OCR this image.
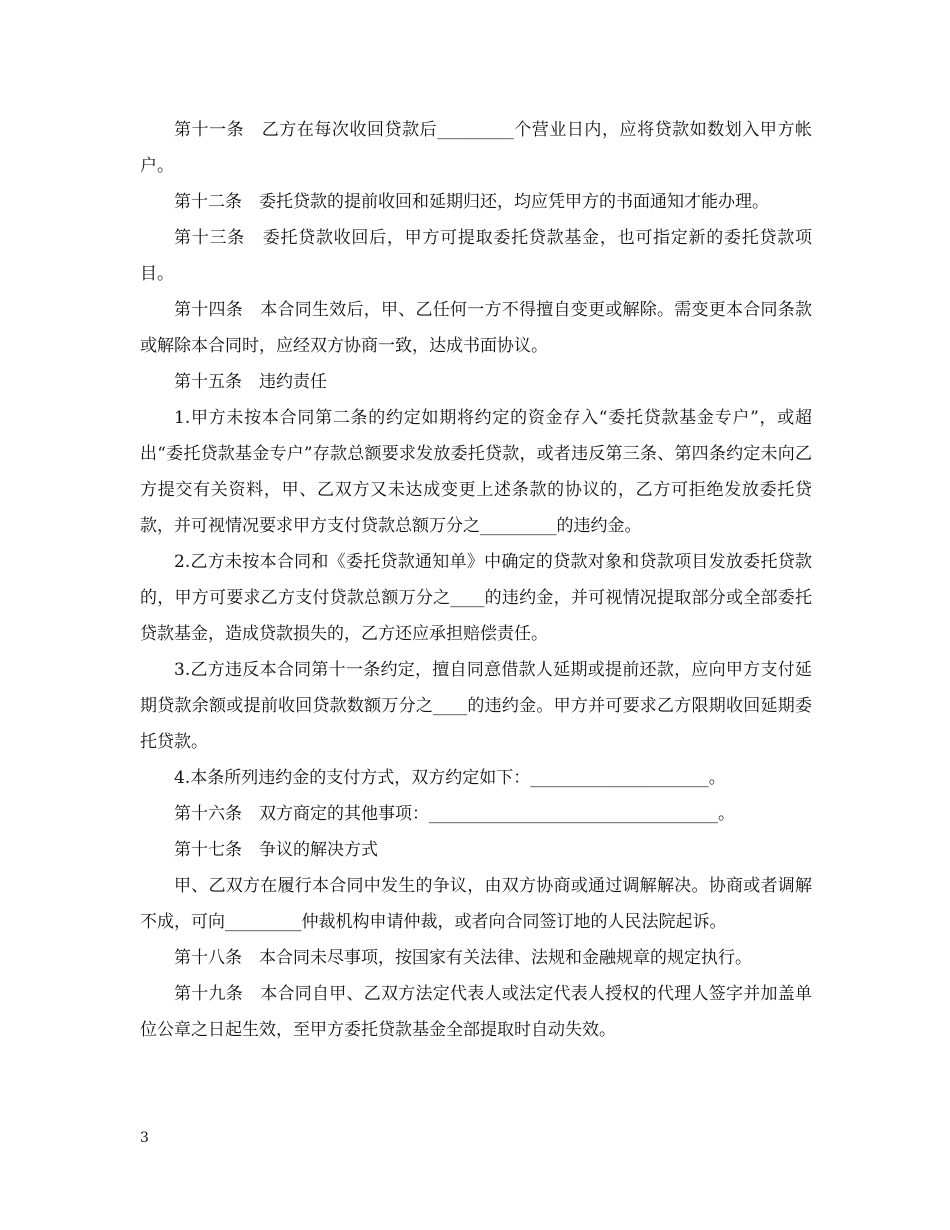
第十一条　乙方在每次收回贷款后_________个营业日内，应将贷款如数划入甲方帐户。

第十二条　委托贷款的提前收回和延期归还，均应凭甲方的书面通知才能办理。

第十三条　委托贷款收回后，甲方可提取委托贷款基金，也可指定新的委托贷款项目。

第十四条　本合同生效后，甲、乙任何一方不得擅自变更或解除。需变更本合同条款或解除本合同时，应经双方协商一致，达成书面协议。

第十五条　违约责任

1.甲方未按本合同第二条的约定如期将约定的资金存入“委托贷款基金专户”，或超出“委托贷款基金专户”存款总额要求发放委托贷款，或者违反第三条、第四条约定未向乙方提交有关资料，甲、乙双方又未达成变更上述条款的协议的，乙方可拒绝发放委托贷款，并可视情况要求甲方支付贷款总额万分之_________的违约金。

2.乙方未按本合同和《委托贷款通知单》中确定的贷款对象和贷款项目发放委托贷款的，甲方可要求乙方支付贷款总额万分之____的违约金，并可视情况提取部分或全部委托贷款基金，造成贷款损失的，乙方还应承担赔偿责任。

3.乙方违反本合同第十一条约定，擅自同意借款人延期或提前还款，应向甲方支付延期贷款余额或提前收回贷款数额万分之____的违约金。甲方并可要求乙方限期收回延期委托贷款。

4.本条所列违约金的支付方式，双方约定如下：_____________________。

第十六条　双方商定的其他事项：__________________________________。

第十七条　争议的解决方式

甲、乙双方在履行本合同中发生的争议，由双方协商或通过调解解决。协商或者调解不成，可向_________仲裁机构申请仲裁，或者向合同签订地的人民法院起诉。

第十八条　本合同未尽事项，按国家有关法律、法规和金融规章的规定执行。

第十九条　本合同自甲、乙双方法定代表人或法定代表人授权的代理人签字并加盖单位公章之日起生效，至甲方委托贷款基金全部提取时自动失效。

3
